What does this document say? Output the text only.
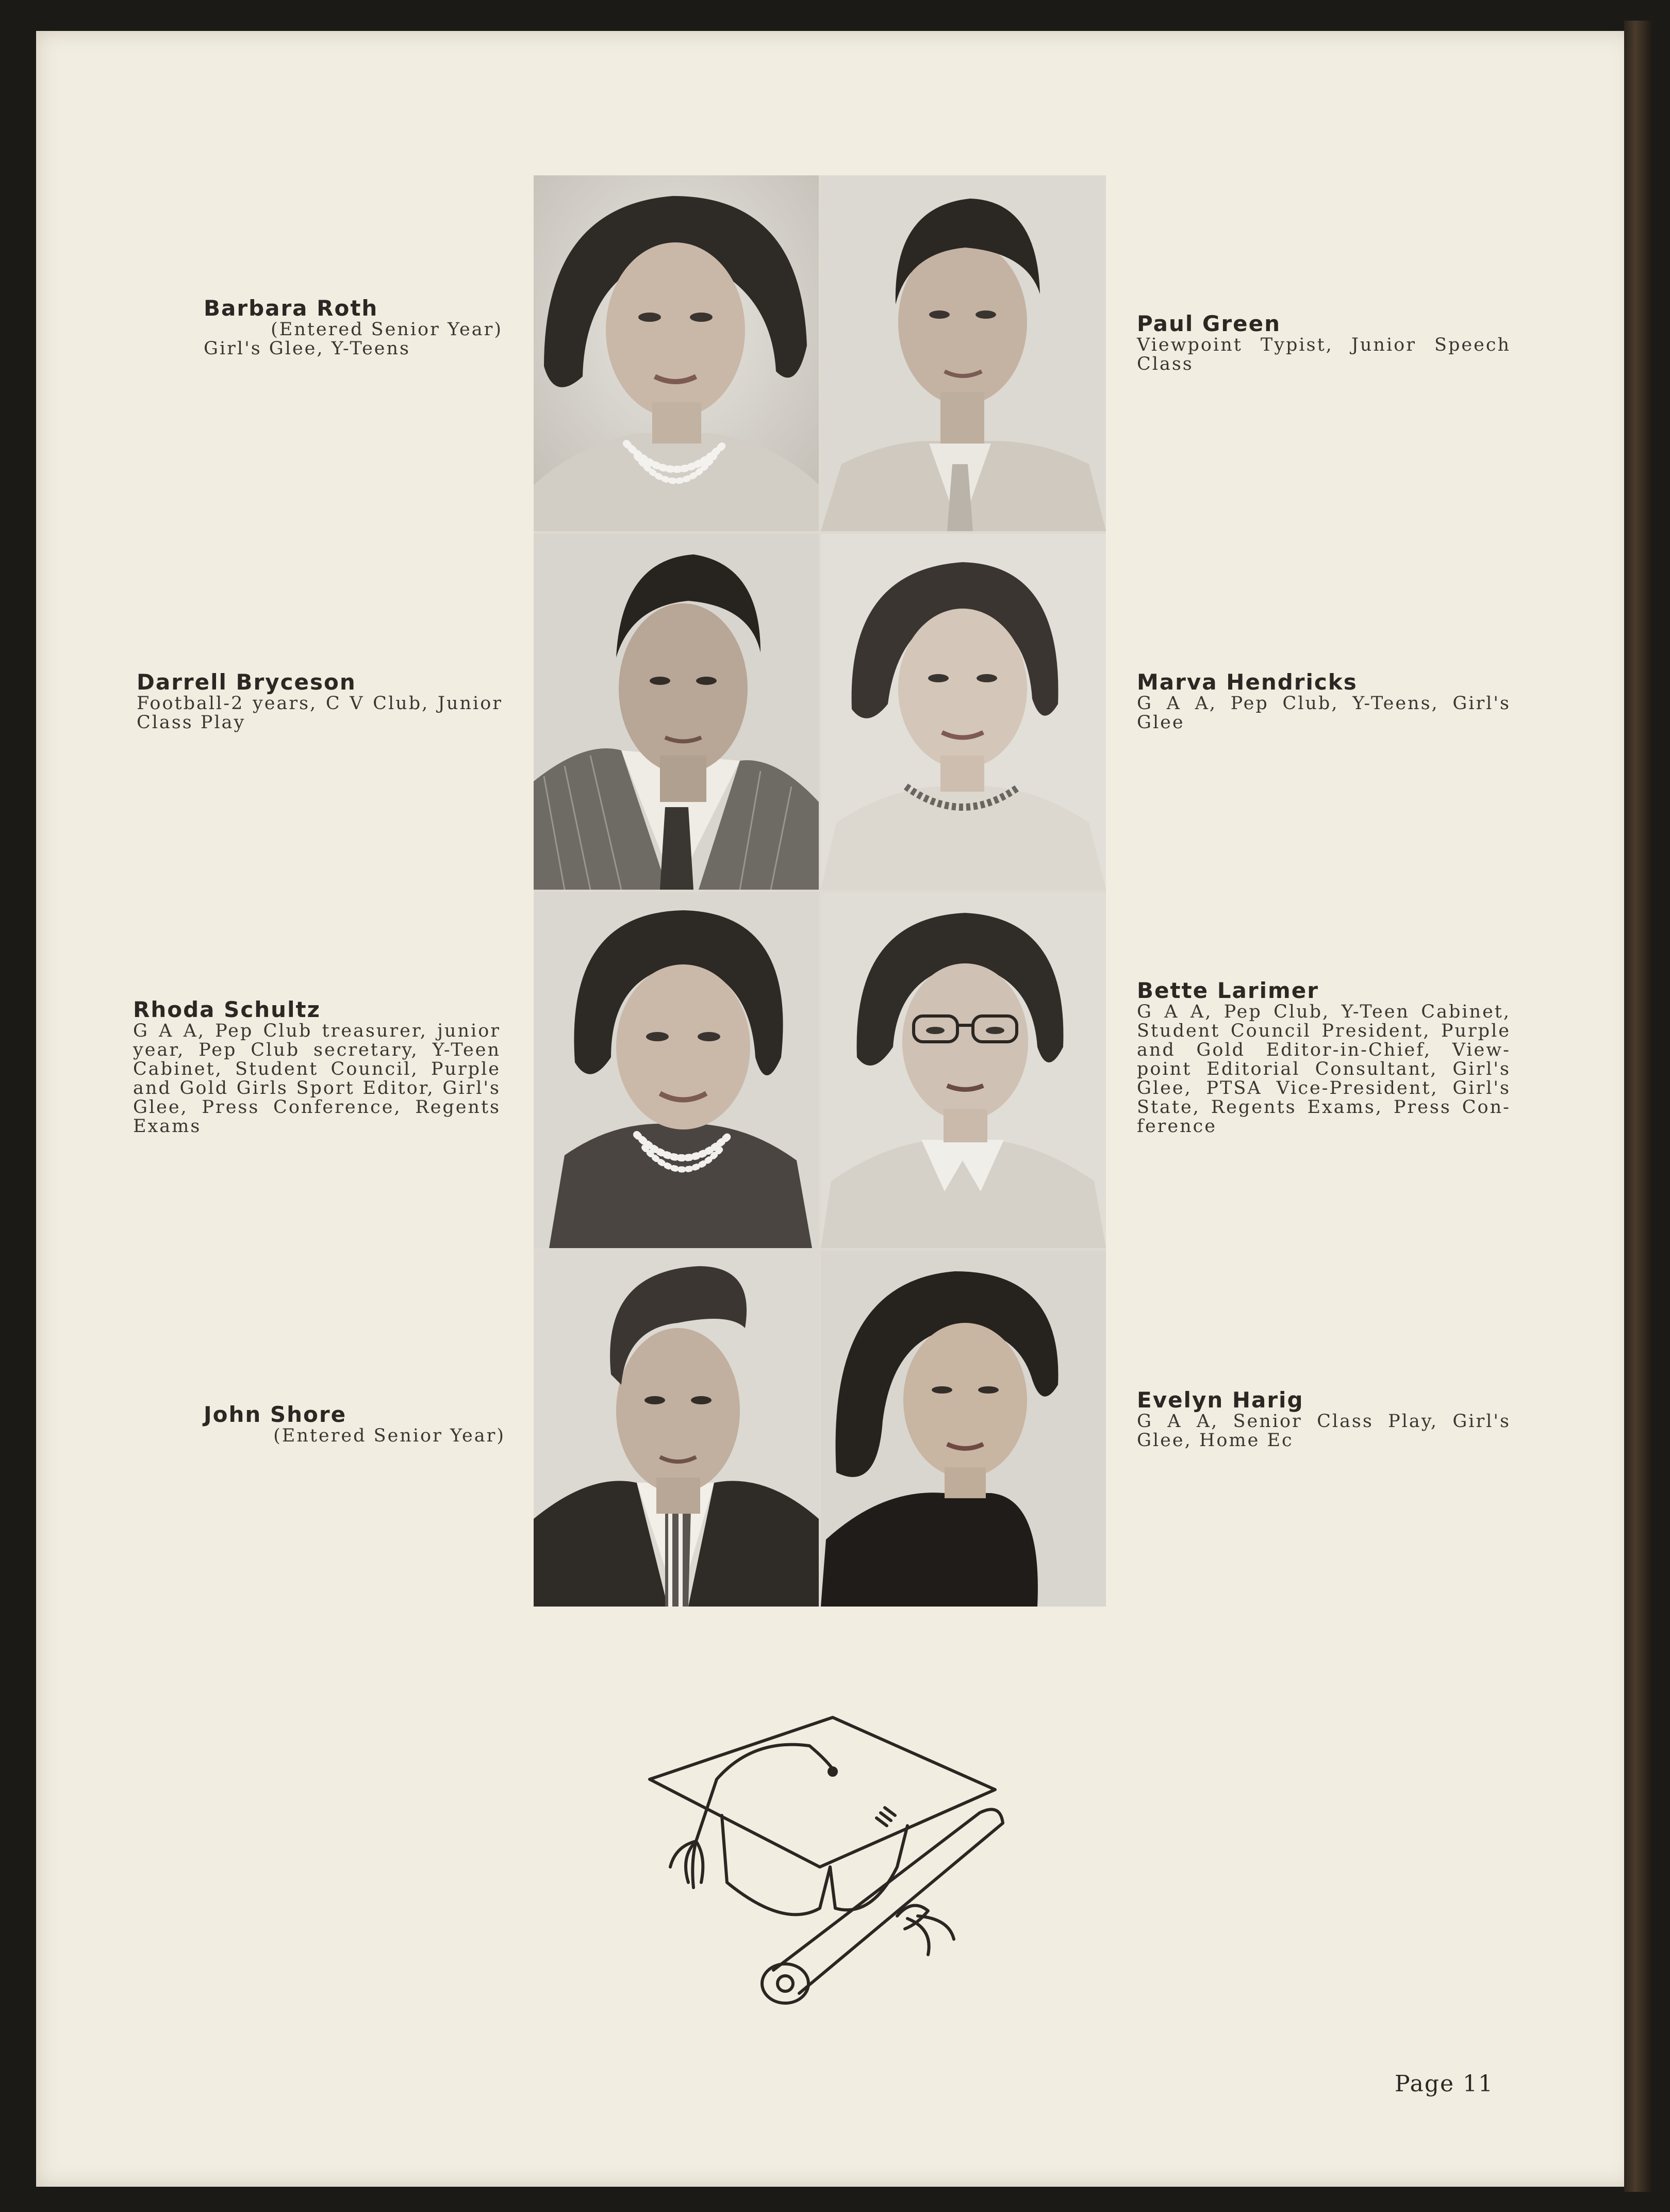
Barbara Roth
(Entered Senior Year)
Girl's Glee, Y-Teens
Darrell Bryceson
Football-2 years, C V Club, Junior
Class Play
Rhoda Schultz
G A A, Pep Club treasurer, junior
year, Pep Club secretary, Y-Teen
Cabinet, Student Council, Purple
and Gold Girls Sport Editor, Girl's
Glee, Press Conference, Regents
Exams
John Shore
(Entered Senior Year)
Paul Green
Viewpoint Typist, Junior Speech
Class
Marva Hendricks
G A A, Pep Club, Y-Teens, Girl's
Glee
Bette Larimer
G A A, Pep Club, Y-Teen Cabinet,
Student Council President, Purple
and Gold Editor-in-Chief, View-
point Editorial Consultant, Girl's
Glee, PTSA Vice-President, Girl's
State, Regents Exams, Press Con-
ference
Evelyn Harig
G A A, Senior Class Play, Girl's
Glee, Home Ec
Page 11
